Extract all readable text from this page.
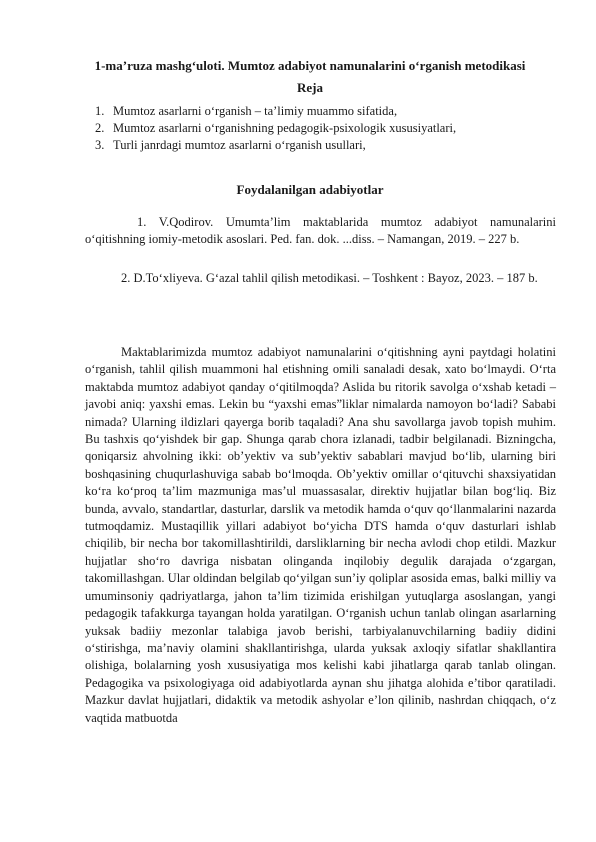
1-ma’ruza mashg‘uloti. Mumtoz adabiyot namunalarini o‘rganish metodikasi
Reja
1. Mumtoz asarlarni o‘rganish – ta’limiy muammo sifatida,
2. Mumtoz asarlarni o‘rganishning pedagogik-psixologik xususiyatlari,
3. Turli janrdagi mumtoz asarlarni o‘rganish usullari,
Foydalanilgan adabiyotlar
1. V.Qodirov. Umumta’lim maktablarida mumtoz adabiyot namunalarini o‘qitishning iomiy-metodik asoslari. Ped. fan. dok. ...diss. – Namangan, 2019. – 227 b.
2. D.To‘xliyeva. G‘azal tahlil qilish metodikasi. – Toshkent : Bayoz, 2023. – 187 b.

Maktablarimizda mumtoz adabiyot namunalarini o‘qitishning ayni paytdagi holatini o‘rganish, tahlil qilish muammoni hal etishning omili sanaladi desak, xato bo‘lmaydi. O‘rta maktabda mumtoz adabiyot qanday o‘qitilmoqda? Aslida bu ritorik savolga o‘xshab ketadi – javobi aniq: yaxshi emas. Lekin bu “yaxshi emas”liklar nimalarda namoyon bo‘ladi? Sababi nimada? Ularning ildizlari qayerga borib taqaladi? Ana shu savollarga javob topish muhim. Bu tashxis qo‘yishdek bir gap. Shunga qarab chora izlanadi, tadbir belgilanadi. Bizningcha, qoniqarsiz ahvolning ikki: ob’yektiv va sub’yektiv sabablari mavjud bo‘lib, ularning biri boshqasining chuqurlashuviga sabab bo‘lmoqda. Ob’yektiv omillar o‘qituvchi shaxsiyatidan ko‘ra ko‘proq ta’lim mazmuniga mas’ul muassasalar, direktiv hujjatlar bilan bog‘liq. Biz bunda, avvalo, standartlar, dasturlar, darslik va metodik hamda o‘quv qo‘llanmalarini nazarda tutmoqdamiz. Mustaqillik yillari adabiyot bo‘yicha DTS hamda o‘quv dasturlari ishlab chiqilib, bir necha bor takomillashtirildi, darsliklarning bir necha avlodi chop etildi. Mazkur hujjatlar sho‘ro davriga nisbatan olinganda inqilobiy degulik darajada o‘zgargan, takomillashgan. Ular oldindan belgilab qo‘yilgan sun’iy qoliplar asosida emas, balki milliy va umuminsoniy qadriyatlarga, jahon ta’lim tizimida erishilgan yutuqlarga asoslangan, yangi pedagogik tafakkurga tayangan holda yaratilgan. O‘rganish uchun tanlab olingan asarlarning yuksak badiiy mezonlar talabiga javob berishi, tarbiyalanuvchilarning badiiy didini o‘stirishga, ma’naviy olamini shakllantirishga, ularda yuksak axloqiy sifatlar shakllantira olishiga, bolalarning yosh xususiyatiga mos kelishi kabi jihatlarga qarab tanlab olingan. Pedagogika va psixologiyaga oid adabiyotlarda aynan shu jihatga alohida e’tibor qaratiladi. Mazkur davlat hujjatlari, didaktik va metodik ashyolar e’lon qilinib, nashrdan chiqqach, o‘z vaqtida matbuotda
